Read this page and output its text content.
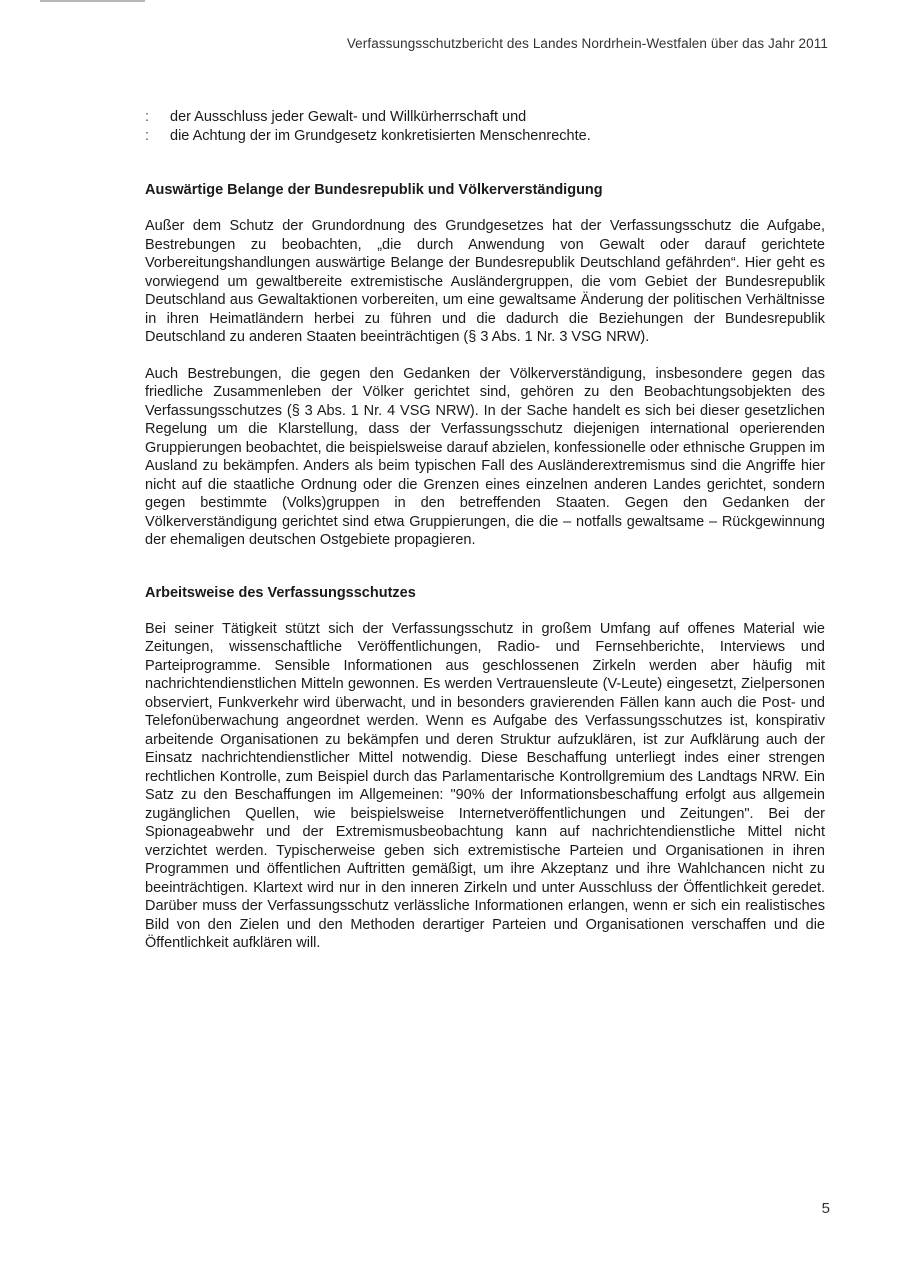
Verfassungsschutzbericht des Landes Nordrhein-Westfalen über das Jahr 2011
: der Ausschluss jeder Gewalt- und Willkürherrschaft und
: die Achtung der im Grundgesetz konkretisierten Menschenrechte.
Auswärtige Belange der Bundesrepublik und Völkerverständigung

Außer dem Schutz der Grundordnung des Grundgesetzes hat der Verfassungsschutz die Aufgabe, Bestrebungen zu beobachten, „die durch Anwendung von Gewalt oder darauf gerichtete Vorbereitungshandlungen auswärtige Belange der Bundesrepublik Deutschland gefährden“. Hier geht es vorwiegend um gewaltbereite extremistische Ausländergruppen, die vom Gebiet der Bundesrepublik Deutschland aus Gewaltaktionen vorbereiten, um eine gewaltsame Änderung der politischen Verhältnisse in ihren Heimatländern herbei zu führen und die dadurch die Beziehungen der Bundesrepublik Deutschland zu anderen Staaten beeinträchtigen (§ 3 Abs. 1 Nr. 3 VSG NRW).

Auch Bestrebungen, die gegen den Gedanken der Völkerverständigung, insbesondere gegen das friedliche Zusammenleben der Völker gerichtet sind, gehören zu den Beobachtungsobjekten des Verfassungsschutzes (§ 3 Abs. 1 Nr. 4 VSG NRW). In der Sache handelt es sich bei dieser gesetzlichen Regelung um die Klarstellung, dass der Verfassungsschutz diejenigen international operierenden Gruppierungen beobachtet, die beispielsweise darauf abzielen, konfessionelle oder ethnische Gruppen im Ausland zu bekämpfen. Anders als beim typischen Fall des Ausländerextremismus sind die Angriffe hier nicht auf die staatliche Ordnung oder die Grenzen eines einzelnen anderen Landes gerichtet, sondern gegen bestimmte (Volks)gruppen in den betreffenden Staaten. Gegen den Gedanken der Völkerverständigung gerichtet sind etwa Gruppierungen, die die – notfalls gewaltsame – Rückgewinnung der ehemaligen deutschen Ostgebiete propagieren.

Arbeitsweise des Verfassungsschutzes

Bei seiner Tätigkeit stützt sich der Verfassungsschutz in großem Umfang auf offenes Material wie Zeitungen, wissenschaftliche Veröffentlichungen, Radio- und Fernsehberichte, Interviews und Parteiprogramme. Sensible Informationen aus geschlossenen Zirkeln werden aber häufig mit nachrichtendienstlichen Mitteln gewonnen. Es werden Vertrauensleute (V-Leute) eingesetzt, Zielpersonen observiert, Funkverkehr wird überwacht, und in besonders gravierenden Fällen kann auch die Post- und Telefonüberwachung angeordnet werden. Wenn es Aufgabe des Verfassungsschutzes ist, konspirativ arbeitende Organisationen zu bekämpfen und deren Struktur aufzuklären, ist zur Aufklärung auch der Einsatz nachrichtendienstlicher Mittel notwendig. Diese Beschaffung unterliegt indes einer strengen rechtlichen Kontrolle, zum Beispiel durch das Parlamentarische Kontrollgremium des Landtags NRW. Ein Satz zu den Beschaffungen im Allgemeinen: "90% der Informationsbeschaffung erfolgt aus allgemein zugänglichen Quellen, wie beispielsweise Internetveröffentlichungen und Zeitungen". Bei der Spionageabwehr und der Extremismusbeobachtung kann auf nachrichtendienstliche Mittel nicht verzichtet werden. Typischerweise geben sich extremistische Parteien und Organisationen in ihren Programmen und öffentlichen Auftritten gemäßigt, um ihre Akzeptanz und ihre Wahlchancen nicht zu beeinträchtigen. Klartext wird nur in den inneren Zirkeln und unter Ausschluss der Öffentlichkeit geredet. Darüber muss der Verfassungsschutz verlässliche Informationen erlangen, wenn er sich ein realistisches Bild von den Zielen und den Methoden derartiger Parteien und Organisationen verschaffen und die Öffentlichkeit aufklären will.

5
